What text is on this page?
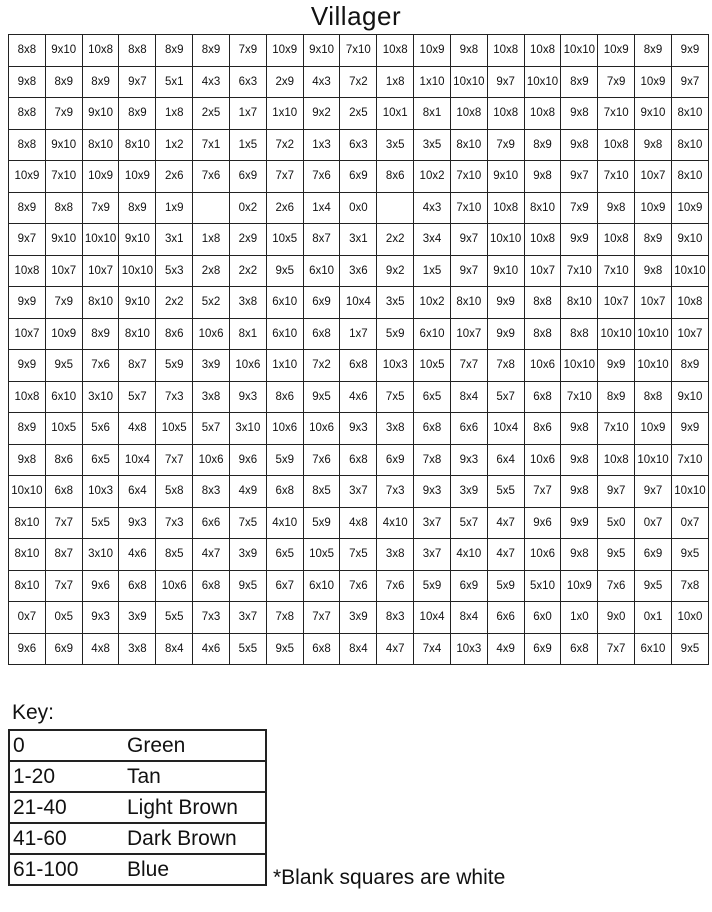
Villager
8x8	9x10	10x8	8x8	8x9	8x9	7x9	10x9	9x10	7x10	10x8	10x9	9x8	10x8	10x8	10x10	10x9	8x9	9x9
9x8	8x9	8x9	9x7	5x1	4x3	6x3	2x9	4x3	7x2	1x8	1x10	10x10	9x7	10x10	8x9	7x9	10x9	9x7
8x8	7x9	9x10	8x9	1x8	2x5	1x7	1x10	9x2	2x5	10x1	8x1	10x8	10x8	10x8	9x8	7x10	9x10	8x10
8x8	9x10	8x10	8x10	1x2	7x1	1x5	7x2	1x3	6x3	3x5	3x5	8x10	7x9	8x9	9x8	10x8	9x8	8x10
10x9	7x10	10x9	10x9	2x6	7x6	6x9	7x7	7x6	6x9	8x6	10x2	7x10	9x10	9x8	9x7	7x10	10x7	8x10
8x9	8x8	7x9	8x9	1x9		0x2	2x6	1x4	0x0		4x3	7x10	10x8	8x10	7x9	9x8	10x9	10x9
9x7	9x10	10x10	9x10	3x1	1x8	2x9	10x5	8x7	3x1	2x2	3x4	9x7	10x10	10x8	9x9	10x8	8x9	9x10
10x8	10x7	10x7	10x10	5x3	2x8	2x2	9x5	6x10	3x6	9x2	1x5	9x7	9x10	10x7	7x10	7x10	9x8	10x10
9x9	7x9	8x10	9x10	2x2	5x2	3x8	6x10	6x9	10x4	3x5	10x2	8x10	9x9	8x8	8x10	10x7	10x7	10x8
10x7	10x9	8x9	8x10	8x6	10x6	8x1	6x10	6x8	1x7	5x9	6x10	10x7	9x9	8x8	8x8	10x10	10x10	10x7
9x9	9x5	7x6	8x7	5x9	3x9	10x6	1x10	7x2	6x8	10x3	10x5	7x7	7x8	10x6	10x10	9x9	10x10	8x9
10x8	6x10	3x10	5x7	7x3	3x8	9x3	8x6	9x5	4x6	7x5	6x5	8x4	5x7	6x8	7x10	8x9	8x8	9x10
8x9	10x5	5x6	4x8	10x5	5x7	3x10	10x6	10x6	9x3	3x8	6x8	6x6	10x4	8x6	9x8	7x10	10x9	9x9
9x8	8x6	6x5	10x4	7x7	10x6	9x6	5x9	7x6	6x8	6x9	7x8	9x3	6x4	10x6	9x8	10x8	10x10	7x10
10x10	6x8	10x3	6x4	5x8	8x3	4x9	6x8	8x5	3x7	7x3	9x3	3x9	5x5	7x7	9x8	9x7	9x7	10x10
8x10	7x7	5x5	9x3	7x3	6x6	7x5	4x10	5x9	4x8	4x10	3x7	5x7	4x7	9x6	9x9	5x0	0x7	0x7
8x10	8x7	3x10	4x6	8x5	4x7	3x9	6x5	10x5	7x5	3x8	3x7	4x10	4x7	10x6	9x8	9x5	6x9	9x5
8x10	7x7	9x6	6x8	10x6	6x8	9x5	6x7	6x10	7x6	7x6	5x9	6x9	5x9	5x10	10x9	7x6	9x5	7x8
0x7	0x5	9x3	3x9	5x5	7x3	3x7	7x8	7x7	3x9	8x3	10x4	8x4	6x6	6x0	1x0	9x0	0x1	10x0
9x6	6x9	4x8	3x8	8x4	4x6	5x5	9x5	6x8	8x4	4x7	7x4	10x3	4x9	6x9	6x8	7x7	6x10	9x5
Key:
0	Green
1-20	Tan
21-40	Light Brown
41-60	Dark Brown
61-100	Blue	*Blank squares are white
